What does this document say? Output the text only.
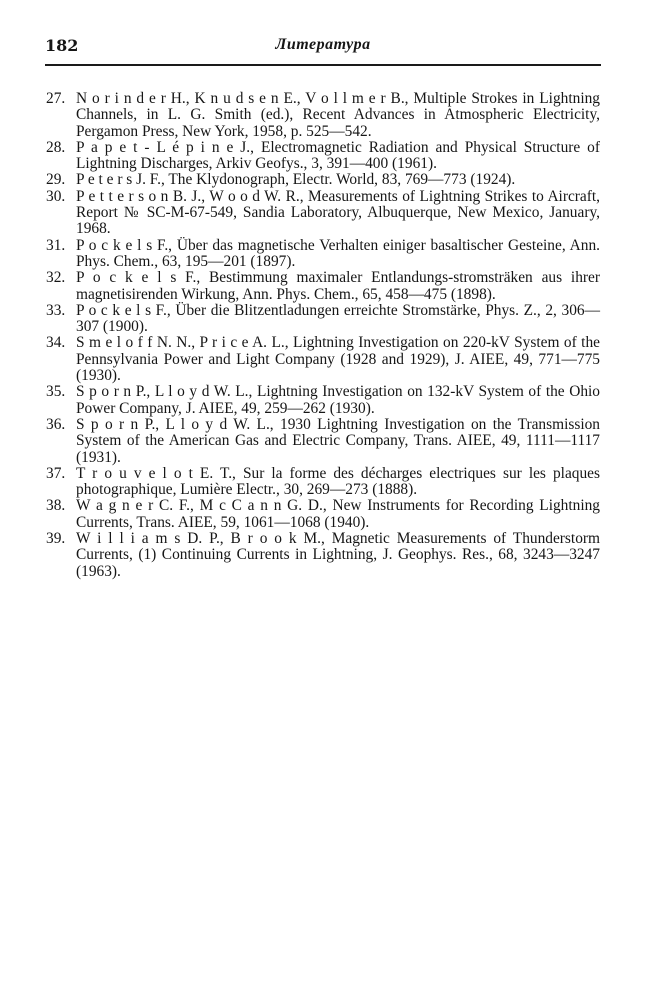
182	Литература
27. N o r i n d e r H., K n u d s e n E., V o l l m e r B., Multiple Strokes in Lightning Channels, in L. G. Smith (ed.), Recent Advances in Atmospheric Electricity, Pergamon Press, New York, 1958, p. 525—542.
28. P a p e t - L é p i n e J., Electromagnetic Radiation and Physical Structure of Lightning Discharges, Arkiv Geofys., 3, 391—400 (1961).
29. P e t e r s J. F., The Klydonograph, Electr. World, 83, 769—773 (1924).
30. P e t t e r s o n B. J., W o o d W. R., Measurements of Lightning Strikes to Aircraft, Report № SC-M-67-549, Sandia Laboratory, Albuquerque, New Mexico, January, 1968.
31. P o c k e l s F., Über das magnetische Verhalten einiger basaltischer Gesteine, Ann. Phys. Chem., 63, 195—201 (1897).
32. P o c k e l s F., Bestimmung maximaler Entlandungs-stromsträken aus ihrer magnetisirenden Wirkung, Ann. Phys. Chem., 65, 458—475 (1898).
33. P o c k e l s F., Über die Blitzentladungen erreichte Stromstärke, Phys. Z., 2, 306—307 (1900).
34. S m e l o f f N. N., P r i c e A. L., Lightning Investigation on 220-kV System of the Pennsylvania Power and Light Company (1928 and 1929), J. AIEE, 49, 771—775 (1930).
35. S p o r n P., L l o y d W. L., Lightning Investigation on 132-kV System of the Ohio Power Company, J. AIEE, 49, 259—262 (1930).
36. S p o r n P., L l o y d W. L., 1930 Lightning Investigation on the Transmission System of the American Gas and Electric Company, Trans. AIEE, 49, 1111—1117 (1931).
37. T r o u v e l o t E. T., Sur la forme des décharges electriques sur les plaques photographique, Lumière Electr., 30, 269—273 (1888).
38. W a g n e r C. F., M c C a n n G. D., New Instruments for Recording Lightning Currents, Trans. AIEE, 59, 1061—1068 (1940).
39. W i l l i a m s D. P., B r o o k M., Magnetic Measurements of Thunderstorm Currents, (1) Continuing Currents in Lightning, J. Geophys. Res., 68, 3243—3247 (1963).
